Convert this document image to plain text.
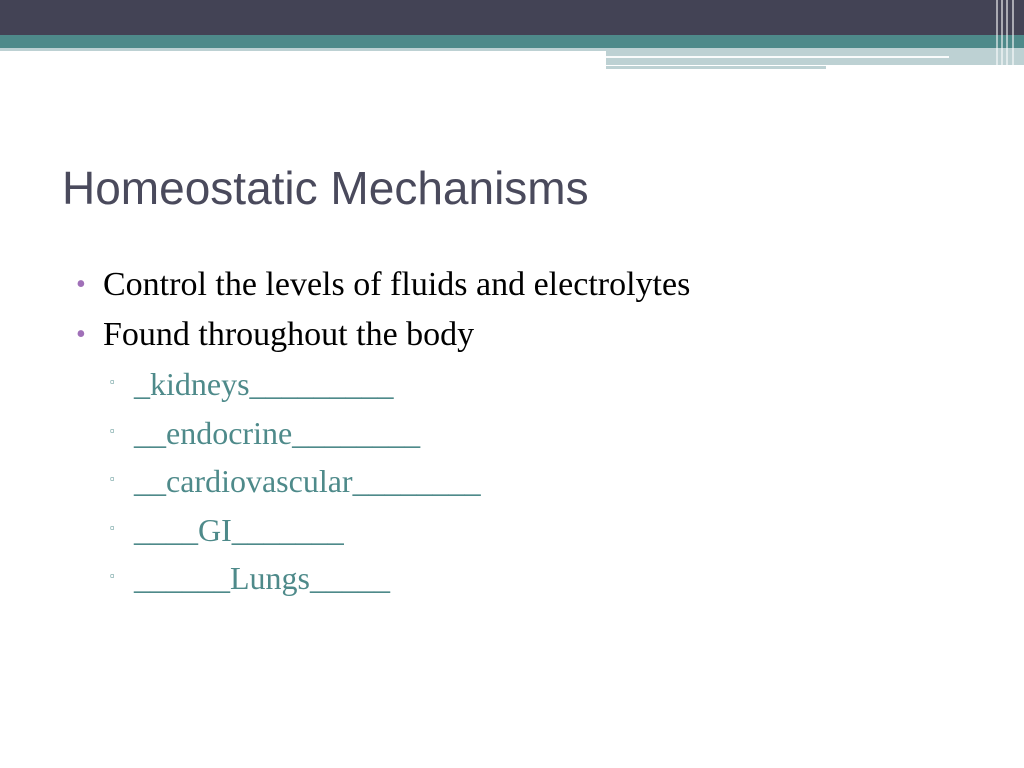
Homeostatic Mechanisms
• Control the levels of fluids and electrolytes
• Found throughout the body
▫ _kidneys_________
▫ __endocrine________
▫ __cardiovascular________
▫ ____GI_______
▫ ______Lungs_____
